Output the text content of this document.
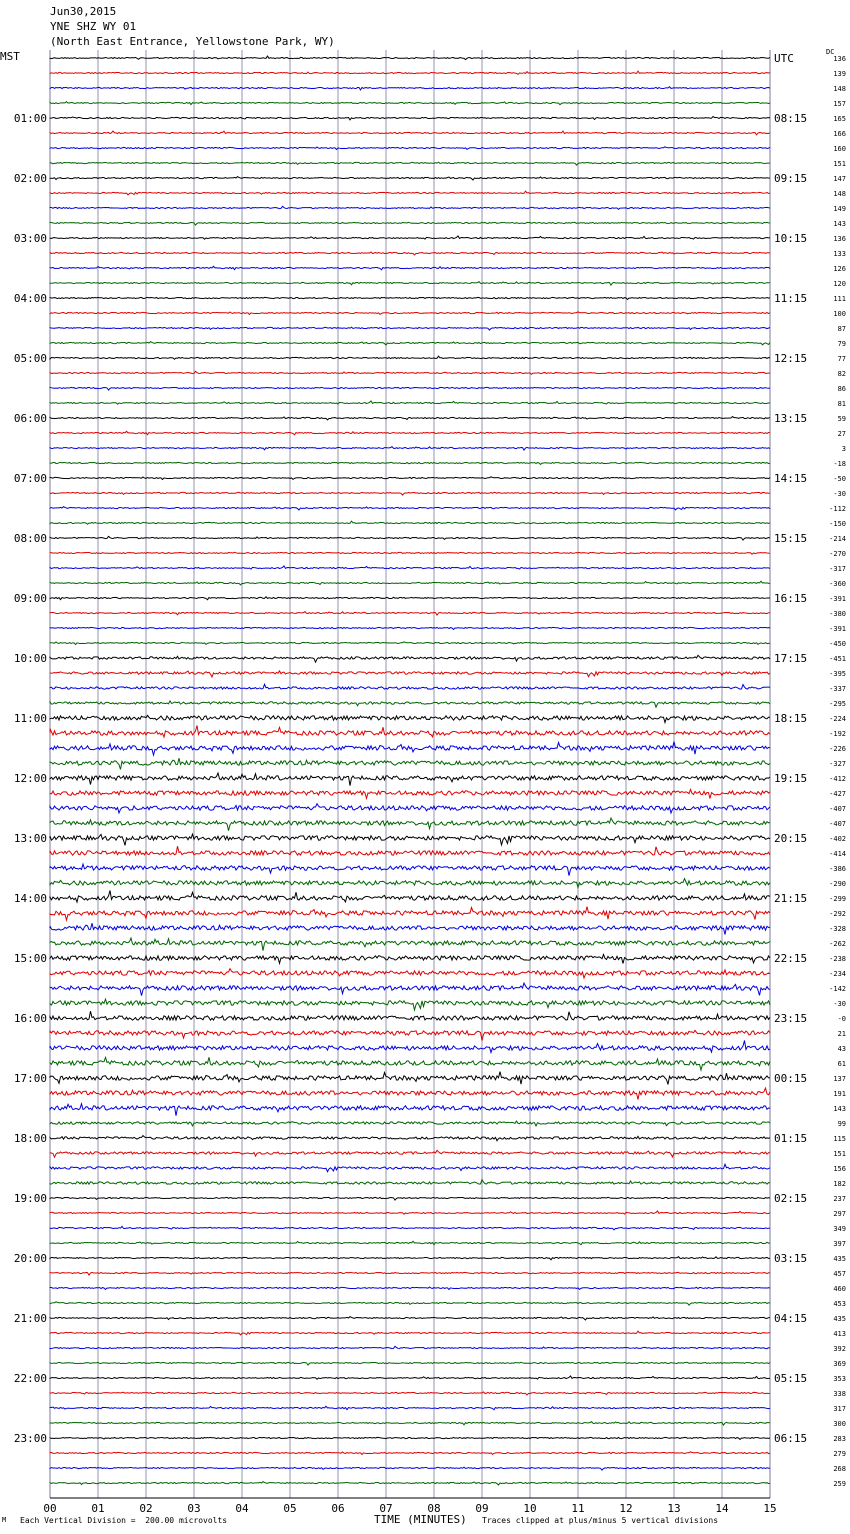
136
139
148
157
165
166
160
151
147
148
149
143
136
133
126
120
111
100
87
79
77
82
86
81
59
27
3
-18
-50
-30
-112
-150
-214
-270
-317
-360
-391
-380
-391
-450
-451
-395
-337
-295
-224
-192
-226
-327
-412
-427
-407
-407
-402
-414
-386
-290
-299
-292
-328
-262
-238
-234
-142
-30
-0
21
43
61
137
191
143
99
115
151
156
182
237
297
349
397
435
457
460
453
435
413
392
369
353
338
317
300
283
279
268
259
01:00
02:00
03:00
04:00
05:00
06:00
07:00
08:00
09:00
10:00
11:00
12:00
13:00
14:00
15:00
16:00
17:00
18:00
19:00
20:00
21:00
22:00
23:00
UTC
08:15
09:15
10:15
11:15
12:15
13:15
14:15
15:15
16:15
17:15
18:15
19:15
20:15
21:15
22:15
23:15
00:15
01:15
02:15
03:15
04:15
05:15
06:15
00	01	02	03	04	05	06	07	08	09	10	11	12	13	14	15
Jun30,2015
YNE SHZ WY 01
(North East Entrance, Yellowstone Park, WY)
MST	DC
M Each Vertical Division =  200.00 microvolts	TIME (MINUTES) Traces clipped at plus/minus 5 vertical divisions
